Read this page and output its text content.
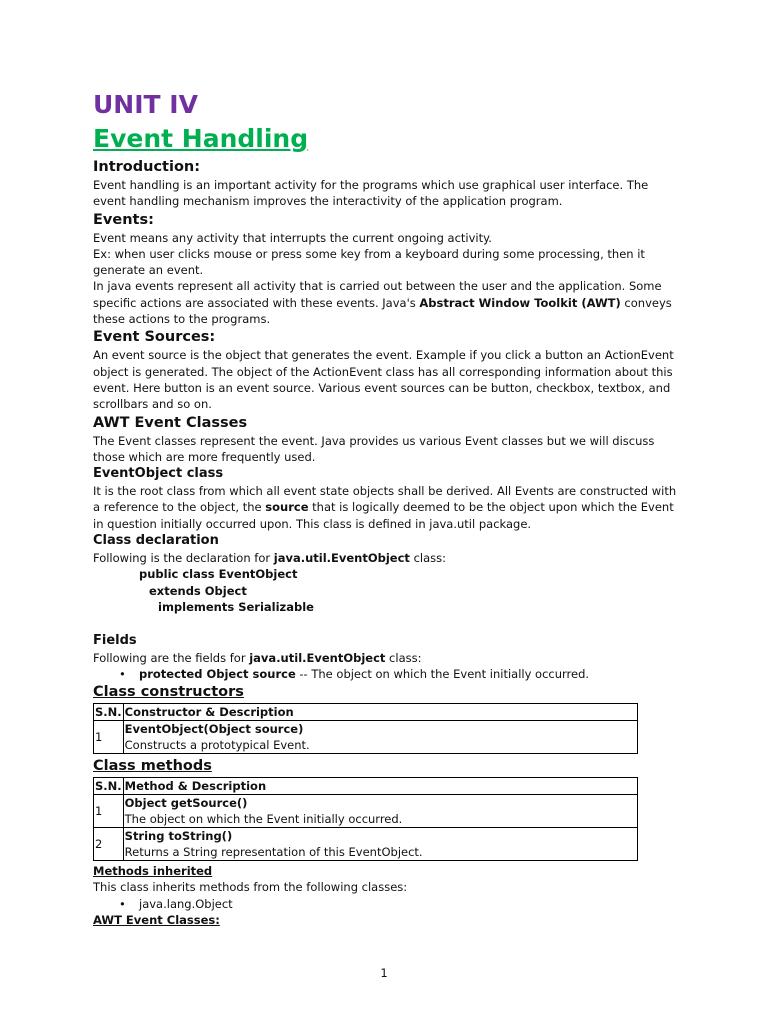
UNIT IV
Event Handling
Introduction:

Event handling is an important activity for the programs which use graphical user interface. The event handling mechanism improves the interactivity of the application program.

Events:

Event means any activity that interrupts the current ongoing activity.

Ex: when user clicks mouse or press some key from a keyboard during some processing, then it generate an event.

In java events represent all activity that is carried out between the user and the application. Some specific actions are associated with these events. Java's Abstract Window Toolkit (AWT) conveys these actions to the programs.

Event Sources:

An event source is the object that generates the event. Example if you click a button an ActionEvent object is generated. The object of the ActionEvent class has all corresponding information about this event. Here button is an event source. Various event sources can be button, checkbox, textbox, and scrollbars and so on.

AWT Event Classes

The Event classes represent the event. Java provides us various Event classes but we will discuss those which are more frequently used.

EventObject class

It is the root class from which all event state objects shall be derived. All Events are constructed with a reference to the object, the source that is logically deemed to be the object upon which the Event in question initially occurred upon. This class is defined in java.util package.

Class declaration

Following is the declaration for java.util.EventObject class:

public class EventObject
extends Object
implements Serializable
Fields

Following are the fields for java.util.EventObject class:

• protected Object source -- The object on which the Event initially occurred.
Class constructors
S.N.	Constructor & Description
1	EventObject(Object source)
Constructs a prototypical Event.
Class methods
S.N.	Method & Description
1	Object getSource()
The object on which the Event initially occurred.

2	String toString()
Returns a String representation of this EventObject.
Methods inherited

This class inherits methods from the following classes:

• java.lang.Object
AWT Event Classes:
1
